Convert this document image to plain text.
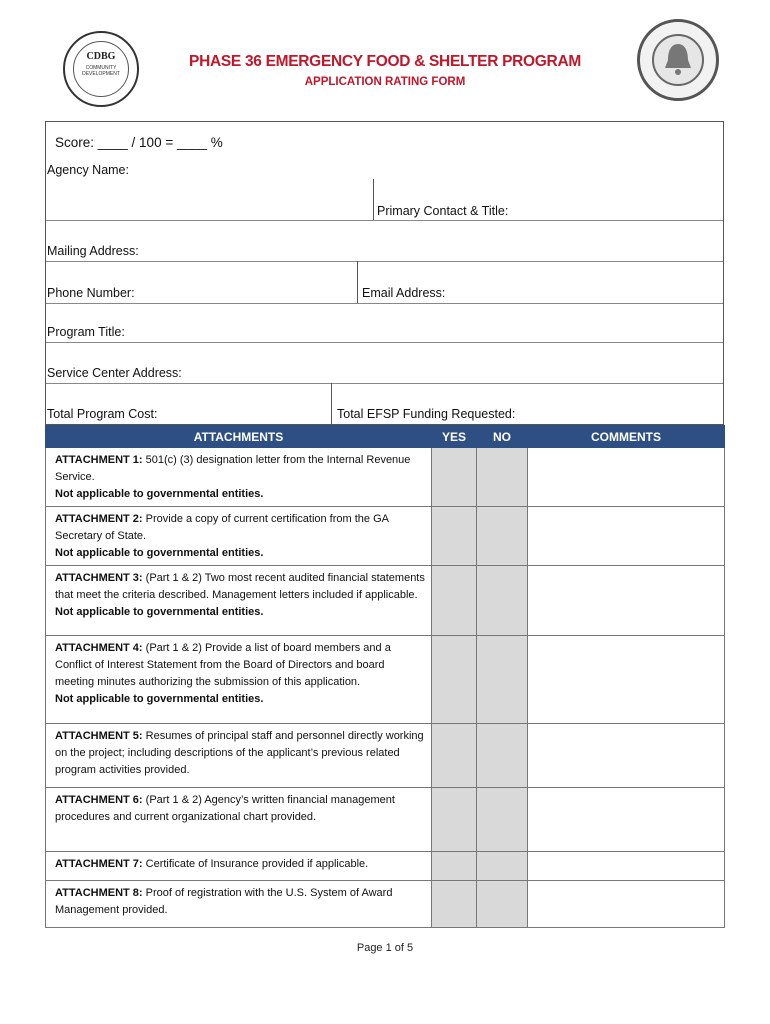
CDBG
COMMUNITY
DEVELOPMENT
PHASE 36 EMERGENCY FOOD & SHELTER PROGRAM
APPLICATION RATING FORM
Score: ____ / 100 = ____ %
Agency Name:
Primary Contact & Title:
Mailing Address:
Phone Number:	Email Address:
Program Title:
Service Center Address:
Total Program Cost:	Total EFSP Funding Requested:
ATTACHMENTS	YES	NO	COMMENTS
ATTACHMENT 1: 501(c) (3) designation letter from the Internal Revenue Service.
Not applicable to governmental entities.			

ATTACHMENT 2: Provide a copy of current certification from the GA Secretary of State.
Not applicable to governmental entities.			

ATTACHMENT 3: (Part 1 & 2) Two most recent audited financial statements that meet the criteria described. Management letters included if applicable.
Not applicable to governmental entities.			

ATTACHMENT 4: (Part 1 & 2) Provide a list of board members and a Conflict of Interest Statement from the Board of Directors and board meeting minutes authorizing the submission of this application.
Not applicable to governmental entities.			

ATTACHMENT 5: Resumes of principal staff and personnel directly working on the project; including descriptions of the applicant’s previous related program activities provided.			
ATTACHMENT 6: (Part 1 & 2) Agency’s written financial management procedures and current organizational chart provided.			
ATTACHMENT 7: Certificate of Insurance provided if applicable.			
ATTACHMENT 8: Proof of registration with the U.S. System of Award Management provided.			
Page 1 of 5
